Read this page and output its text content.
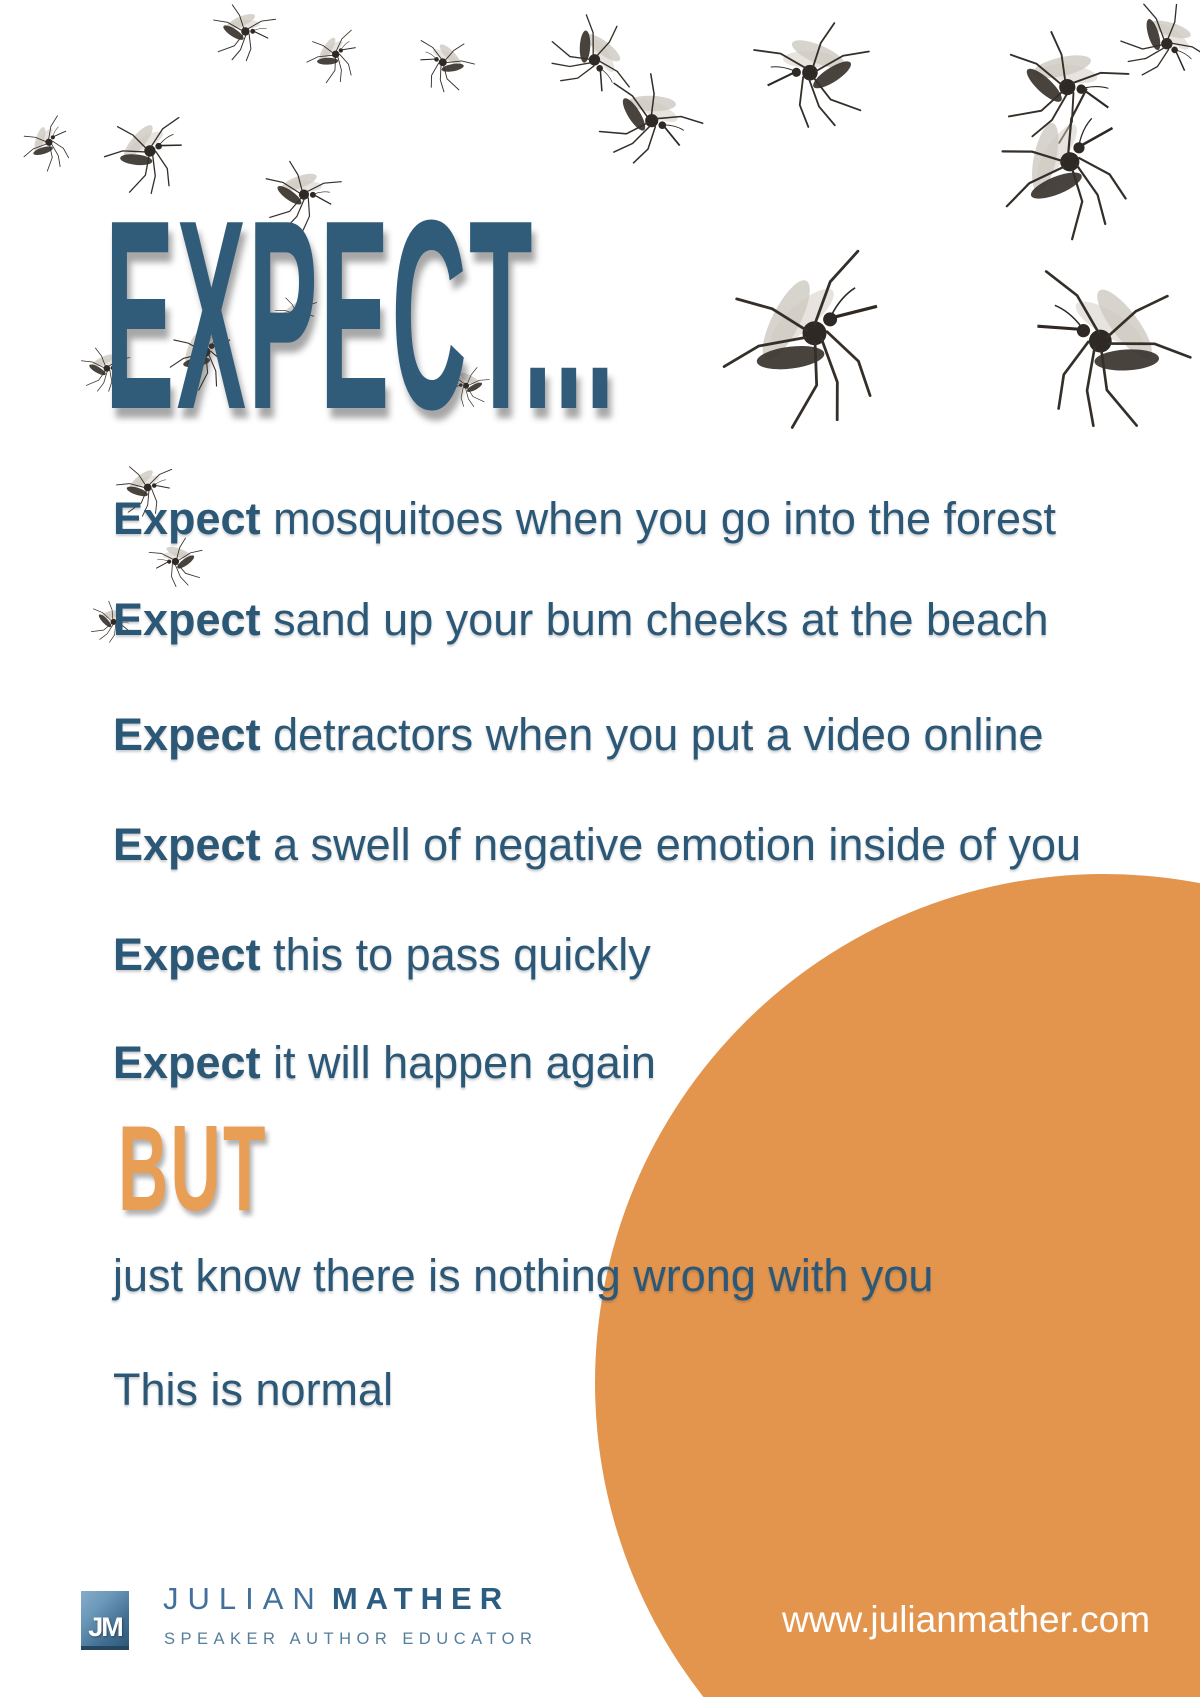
EXPECT...
Expect mosquitoes when you go into the forest
Expect sand up your bum cheeks at the beach
Expect detractors when you put a video online
Expect a swell of negative emotion inside of you
Expect this to pass quickly
Expect it will happen again
BUT
just know there is nothing wrong with you
This is normal
JM
JULIAN MATHER
SPEAKER AUTHOR EDUCATOR	www.julianmather.com
